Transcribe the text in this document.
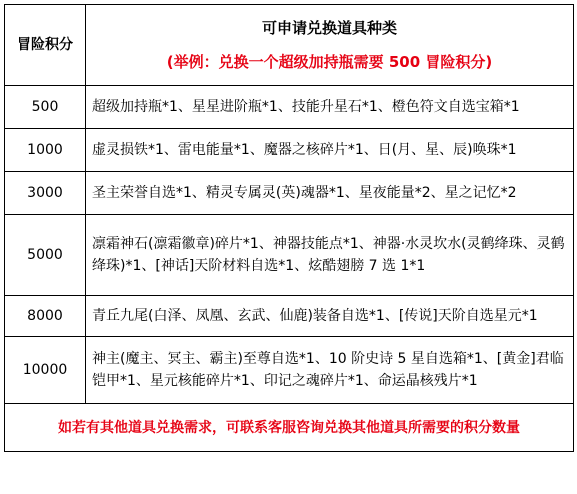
冒险积分	可申请兑换道具种类
(举例：兑换一个超级加持瓶需要 500 冒险积分)

500	超级加持瓶*1、星星进阶瓶*1、技能升星石*1、橙色符文自选宝箱*1
1000	虚灵损铁*1、雷电能量*1、魔器之核碎片*1、日(月、星、辰)唤珠*1
3000	圣主荣誉自选*1、精灵专属灵(英)魂器*1、星夜能量*2、星之记忆*2
5000	凛霜神石(凛霜徽章)碎片*1、神器技能点*1、神器·水灵坎水(灵鹤绛珠、灵鹤绛珠)*1、[神话]天阶材料自选*1、炫酷翅膀 7 选 1*1
8000	青丘九尾(白泽、凤凰、玄武、仙鹿)装备自选*1、[传说]天阶自选星元*1
10000	神主(魔主、冥主、霸主)至尊自选*1、10 阶史诗 5 星自选箱*1、[黄金]君临铠甲*1、星元核能碎片*1、印记之魂碎片*1、命运晶核残片*1
如若有其他道具兑换需求，可联系客服咨询兑换其他道具所需要的积分数量	
